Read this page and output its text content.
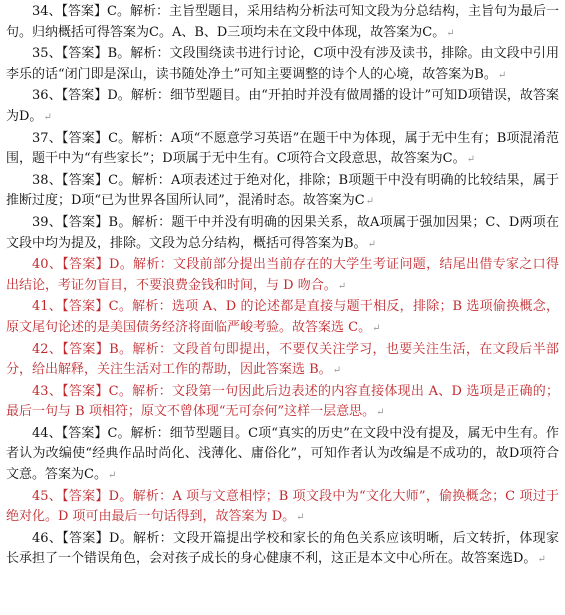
34、【答案】C。解析：主旨型题目，采用结构分析法可知文段为分总结构，主旨句为最后一句。归纳概括可得答案为C。A、B、D三项均未在文段中体现，故答案为C。↵

35、【答案】B。解析：文段围绕读书进行讨论，C项中没有涉及读书，排除。由文段中引用李乐的话“闭门即是深山，读书随处净土”可知主要调整的诗个人的心境，故答案为B。↵

36、【答案】D。解析：细节型题目。由“开拍时并没有做周播的设计”可知D项错误，故答案为D。↵

37、【答案】C。解析：A项“不愿意学习英语”在题干中为体现，属于无中生有；B项混淆范围，题干中为“有些家长”；D项属于无中生有。C项符合文段意思，故答案为C。↵

38、【答案】C。解析：A项表述过于绝对化，排除；B项题干中没有明确的比较结果，属于推断过度；D项“已为世界各国所认同”，混淆时态。故答案为C↵

39、【答案】B。解析：题干中并没有明确的因果关系，故A项属于强加因果；C、D两项在文段中均为提及，排除。文段为总分结构，概括可得答案为B。↵

40、【答案】D。解析：文段前部分提出当前存在的大学生考证问题，结尾出借专家之口得出结论，考证勿盲目，不要浪费金钱和时间，与 D 吻合。↵

41、【答案】C。解析：选项 A、D 的论述都是直接与题干相反，排除；B 选项偷换概念，原文尾句论述的是美国债务经济将面临严峻考验。故答案选 C。↵

42、【答案】B。解析：文段首句即提出，不要仅关注学习，也要关注生活，在文段后半部分，给出解释，关注生活对工作的帮助，因此答案选 B。↵

43、【答案】C。解析：文段第一句因此后边表述的内容直接体现出 A、D 选项是正确的；最后一句与 B 项相符；原文不曾体现“无可奈何”这样一层意思。↵

44、【答案】C。解析：细节型题目。C项“真实的历史”在文段中没有提及，属无中生有。作者认为改编使“经典作品时尚化、浅薄化、庸俗化”，可知作者认为改编是不成功的，故D项符合文意。答案为C。↵

45、【答案】D。解析：A 项与文意相悖；B 项文段中为“文化大师”，偷换概念；C 项过于绝对化。D 项可由最后一句话得到，故答案为 D。↵

46、【答案】D。解析：文段开篇提出学校和家长的角色关系应该明晰，后文转折，体现家长承担了一个错误角色，会对孩子成长的身心健康不利，这正是本文中心所在。故答案选D。↵
